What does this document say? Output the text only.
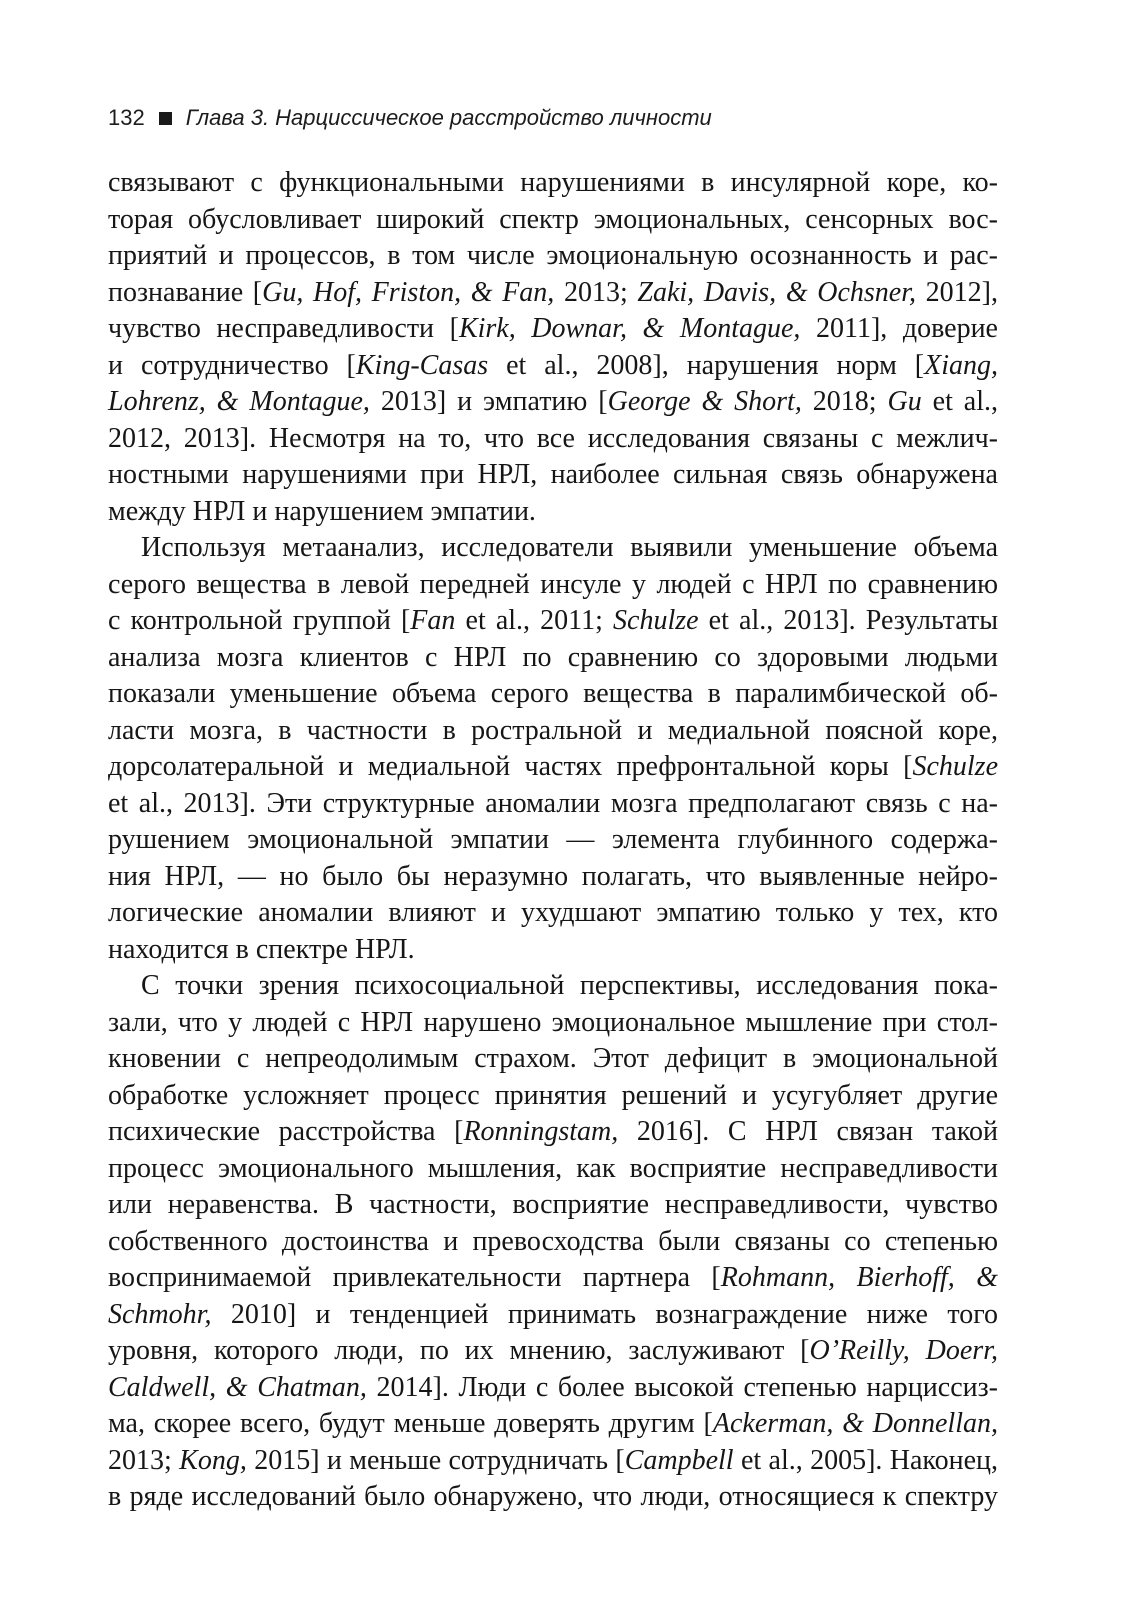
132 Глава 3. Нарциссическое расстройство личности
связывают с функциональными нарушениями в инсулярной коре, ко-
торая обусловливает широкий спектр эмоциональных, сенсорных вос-
приятий и процессов, в том числе эмоциональную осознанность и рас-
познавание [Gu, Hof, Friston, & Fan, 2013; Zaki, Davis, & Ochsner, 2012],
чувство несправедливости [Kirk, Downar, & Montague, 2011], доверие
и сотрудничество [King-Casas et al., 2008], нарушения норм [Xiang,
Lohrenz, & Montague, 2013] и эмпатию [George & Short, 2018; Gu et al.,
2012, 2013]. Несмотря на то, что все исследования связаны с межлич-
ностными нарушениями при НРЛ, наиболее сильная связь обнаружена
между НРЛ и нарушением эмпатии.
Используя метаанализ, исследователи выявили уменьшение объема
серого вещества в левой передней инсуле у людей с НРЛ по сравнению
с контрольной группой [Fan et al., 2011; Schulze et al., 2013]. Результаты
анализа мозга клиентов с НРЛ по сравнению со здоровыми людьми
показали уменьшение объема серого вещества в паралимбической об-
ласти мозга, в частности в ростральной и медиальной поясной коре,
дорсолатеральной и медиальной частях префронтальной коры [Schulze
et al., 2013]. Эти структурные аномалии мозга предполагают связь с на-
рушением эмоциональной эмпатии — элемента глубинного содержа-
ния НРЛ, — но было бы неразумно полагать, что выявленные нейро-
логические аномалии влияют и ухудшают эмпатию только у тех, кто
находится в спектре НРЛ.
С точки зрения психосоциальной перспективы, исследования пока-
зали, что у людей с НРЛ нарушено эмоциональное мышление при стол-
кновении с непреодолимым страхом. Этот дефицит в эмоциональной
обработке усложняет процесс принятия решений и усугубляет другие
психические расстройства [Ronningstam, 2016]. С НРЛ связан такой
процесс эмоционального мышления, как восприятие несправедливости
или неравенства. В частности, восприятие несправедливости, чувство
собственного достоинства и превосходства были связаны со степенью
воспринимаемой привлекательности партнера [Rohmann, Bierhoff, &
Schmohr, 2010] и тенденцией принимать вознаграждение ниже того
уровня, которого люди, по их мнению, заслуживают [O’Reilly, Doerr,
Caldwell, & Chatman, 2014]. Люди с более высокой степенью нарциссиз-
ма, скорее всего, будут меньше доверять другим [Ackerman, & Donnellan,
2013; Kong, 2015] и меньше сотрудничать [Campbell et al., 2005]. Наконец,
в ряде исследований было обнаружено, что люди, относящиеся к спектру
